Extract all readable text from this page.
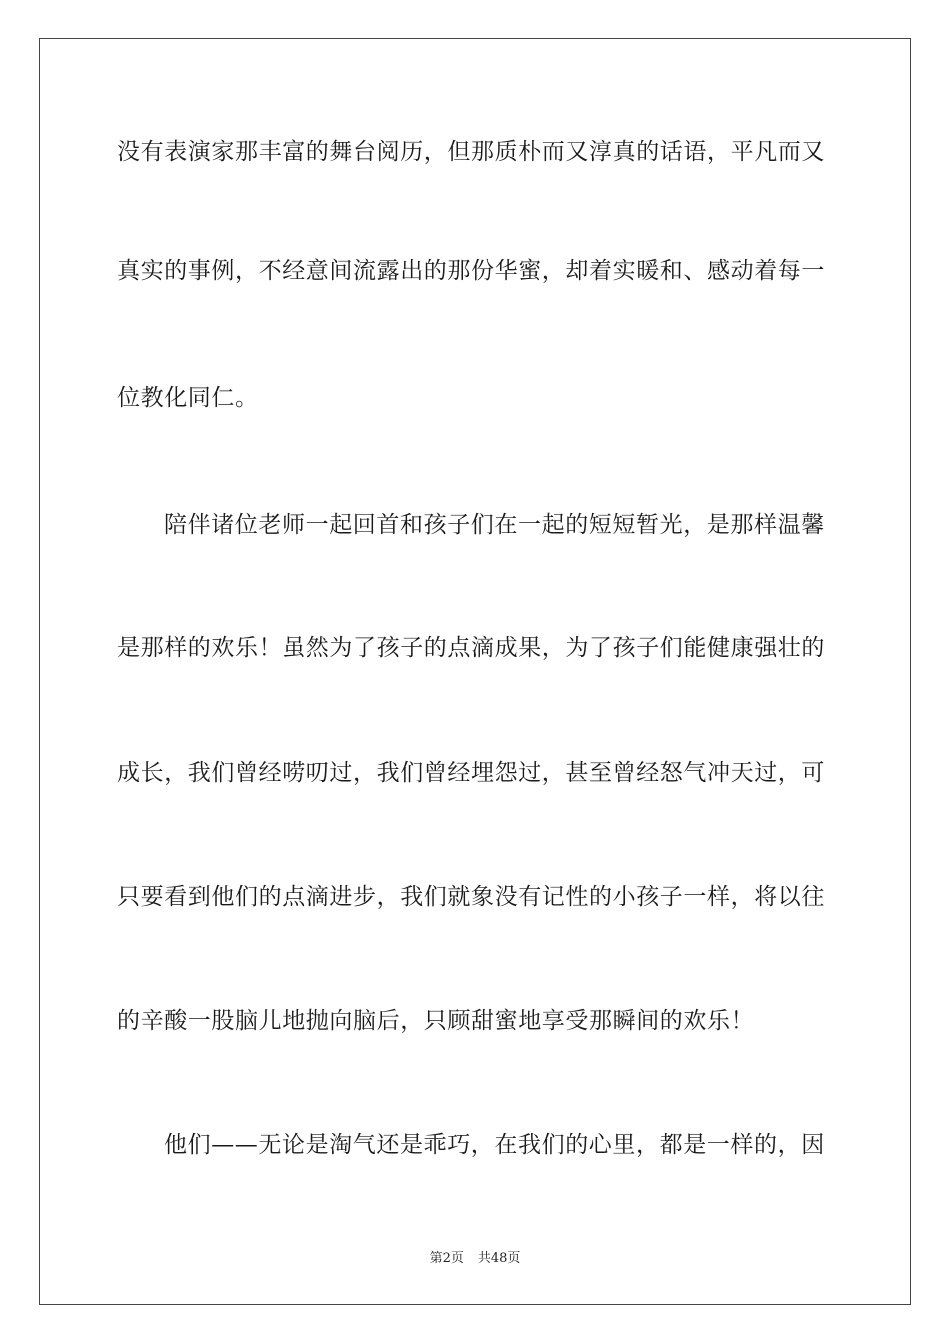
没有表演家那丰富的舞台阅历，但那质朴而又淳真的话语，平凡而又
真实的事例，不经意间流露出的那份华蜜，却着实暖和、感动着每一
位教化同仁。
陪伴诸位老师一起回首和孩子们在一起的短短暂光，是那样温馨
是那样的欢乐！虽然为了孩子的点滴成果，为了孩子们能健康强壮的
成长，我们曾经唠叨过，我们曾经埋怨过，甚至曾经怒气冲天过，可
只要看到他们的点滴进步，我们就象没有记性的小孩子一样，将以往
的辛酸一股脑儿地抛向脑后，只顾甜蜜地享受那瞬间的欢乐！
他们——无论是淘气还是乖巧，在我们的心里，都是一样的，因
第2页 共48页
